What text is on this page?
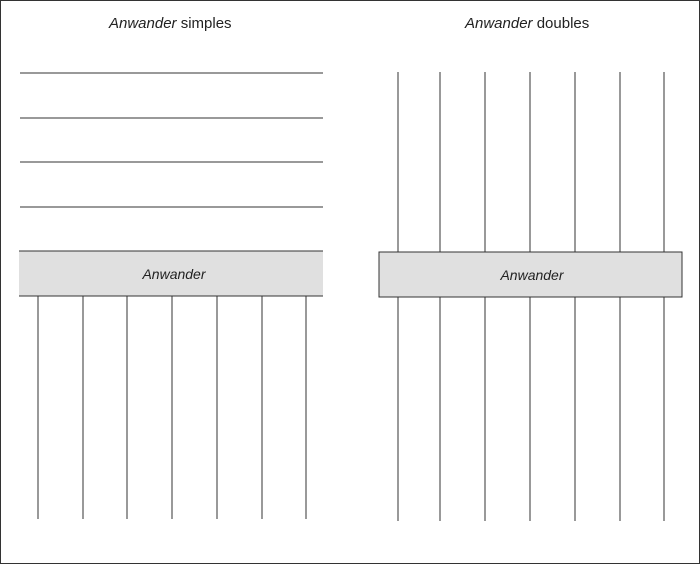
Anwander simples	Anwander doubles
Anwander	Anwander
